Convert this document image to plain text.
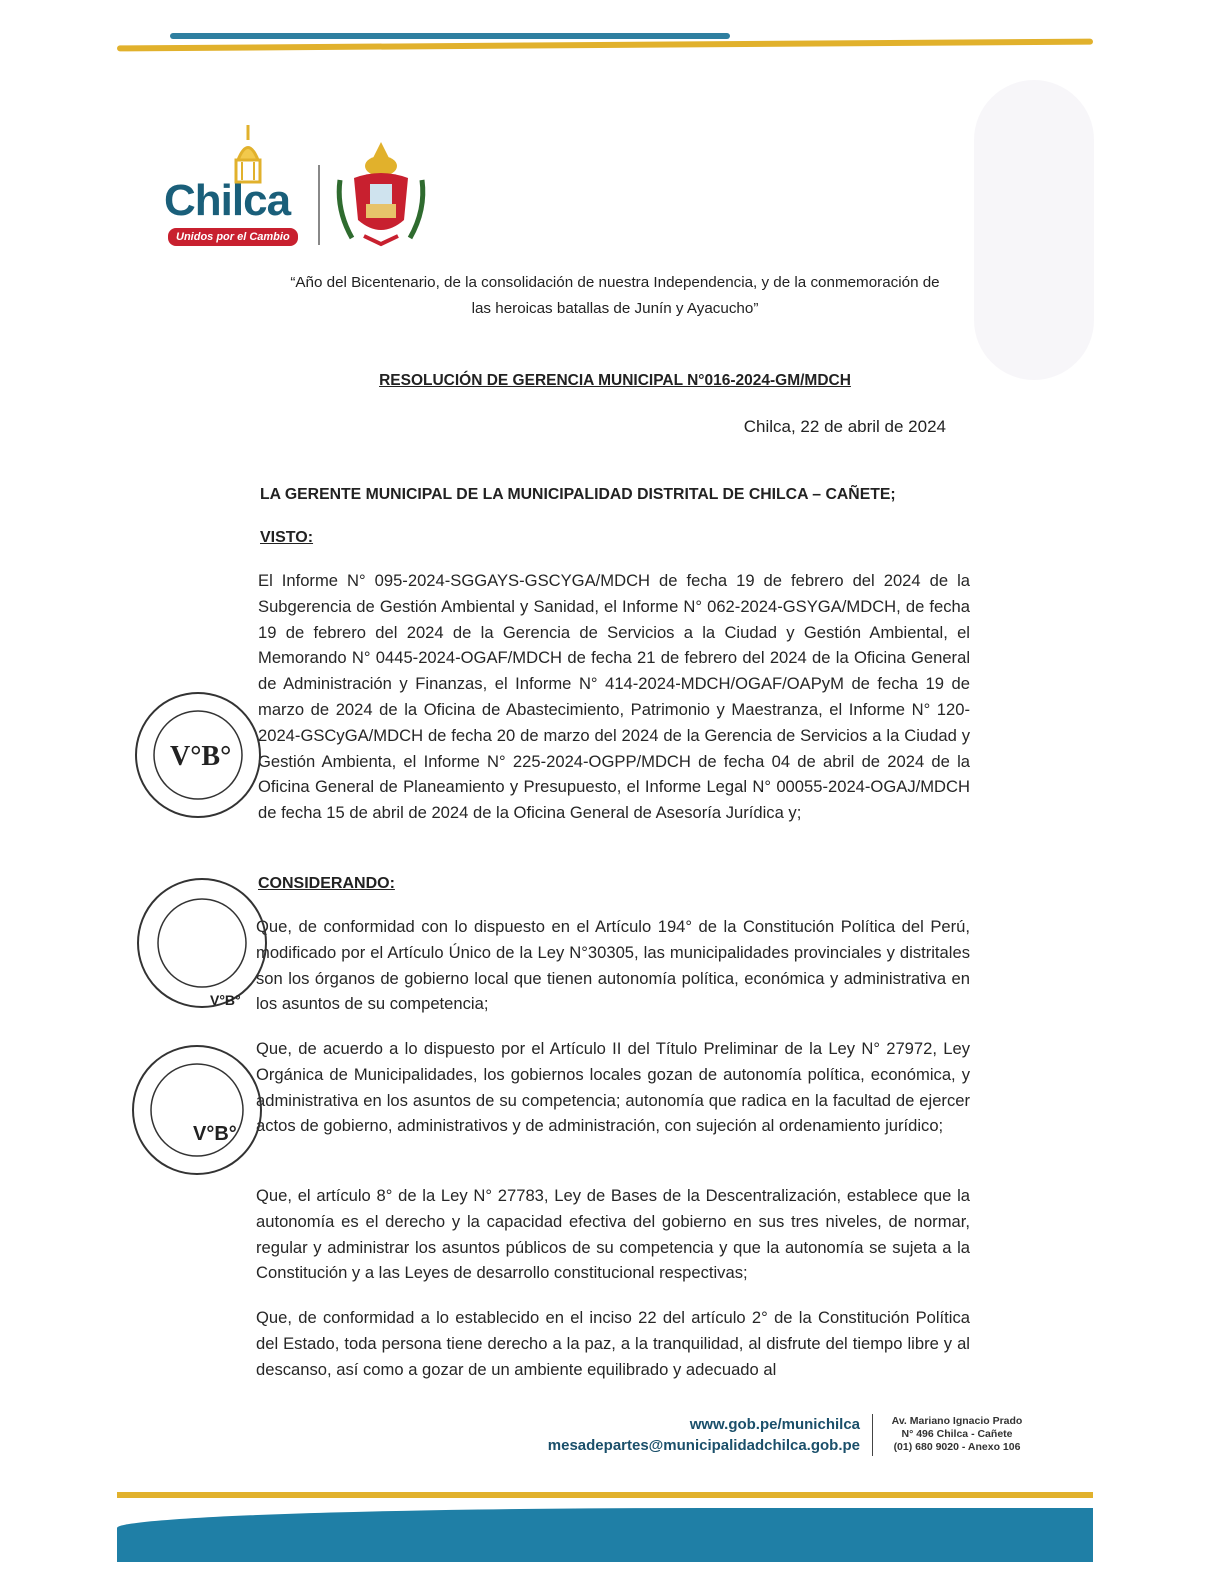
Chilca
Unidos por el Cambio
“Año del Bicentenario, de la consolidación de nuestra Independencia, y de la conmemoración de
las heroicas batallas de Junín y Ayacucho”
RESOLUCIÓN DE GERENCIA MUNICIPAL N°016-2024-GM/MDCH
Chilca, 22 de abril de 2024
LA GERENTE MUNICIPAL DE LA MUNICIPALIDAD DISTRITAL DE CHILCA – CAÑETE;
VISTO:
El Informe N° 095-2024-SGGAYS-GSCYGA/MDCH de fecha 19 de febrero del 2024 de la Subgerencia de Gestión Ambiental y Sanidad, el Informe N° 062-2024-GSYGA/MDCH, de fecha 19 de febrero del 2024 de la Gerencia de Servicios a la Ciudad y Gestión Ambiental, el Memorando N° 0445-2024-OGAF/MDCH de fecha 21 de febrero del 2024 de la Oficina General de Administración y Finanzas, el Informe N° 414-2024-MDCH/OGAF/OAPyM de fecha 19 de marzo de 2024 de la Oficina de Abastecimiento, Patrimonio y Maestranza, el Informe N° 120-2024-GSCyGA/MDCH de fecha 20 de marzo del 2024 de la Gerencia de Servicios a la Ciudad y Gestión Ambienta, el Informe N° 225-2024-OGPP/MDCH de fecha 04 de abril de 2024 de la Oficina General de Planeamiento y Presupuesto, el Informe Legal N° 00055-2024-OGAJ/MDCH de fecha 15 de abril de 2024 de la Oficina General de Asesoría Jurídica y;
CONSIDERANDO:
Que, de conformidad con lo dispuesto en el Artículo 194° de la Constitución Política del Perú, modificado por el Artículo Único de la Ley N°30305, las municipalidades provinciales y distritales son los órganos de gobierno local que tienen autonomía política, económica y administrativa en los asuntos de su competencia;
Que, de acuerdo a lo dispuesto por el Artículo II del Título Preliminar de la Ley N° 27972, Ley Orgánica de Municipalidades, los gobiernos locales gozan de autonomía política, económica, y administrativa en los asuntos de su competencia; autonomía que radica en la facultad de ejercer actos de gobierno, administrativos y de administración, con sujeción al ordenamiento jurídico;
Que, el artículo 8° de la Ley N° 27783, Ley de Bases de la Descentralización, establece que la autonomía es el derecho y la capacidad efectiva del gobierno en sus tres niveles, de normar, regular y administrar los asuntos públicos de su competencia y que la autonomía se sujeta a la Constitución y a las Leyes de desarrollo constitucional respectivas;
Que, de conformidad a lo establecido en el inciso 22 del artículo 2° de la Constitución Política del Estado, toda persona tiene derecho a la paz, a la tranquilidad, al disfrute del tiempo libre y al descanso, así como a gozar de un ambiente equilibrado y adecuado al
V°B°
V°B°
V°B°
www.gob.pe/munichilca
mesadepartes@municipalidadchilca.gob.pe
Av. Mariano Ignacio Prado
N° 496 Chilca - Cañete
(01) 680 9020 - Anexo 106
